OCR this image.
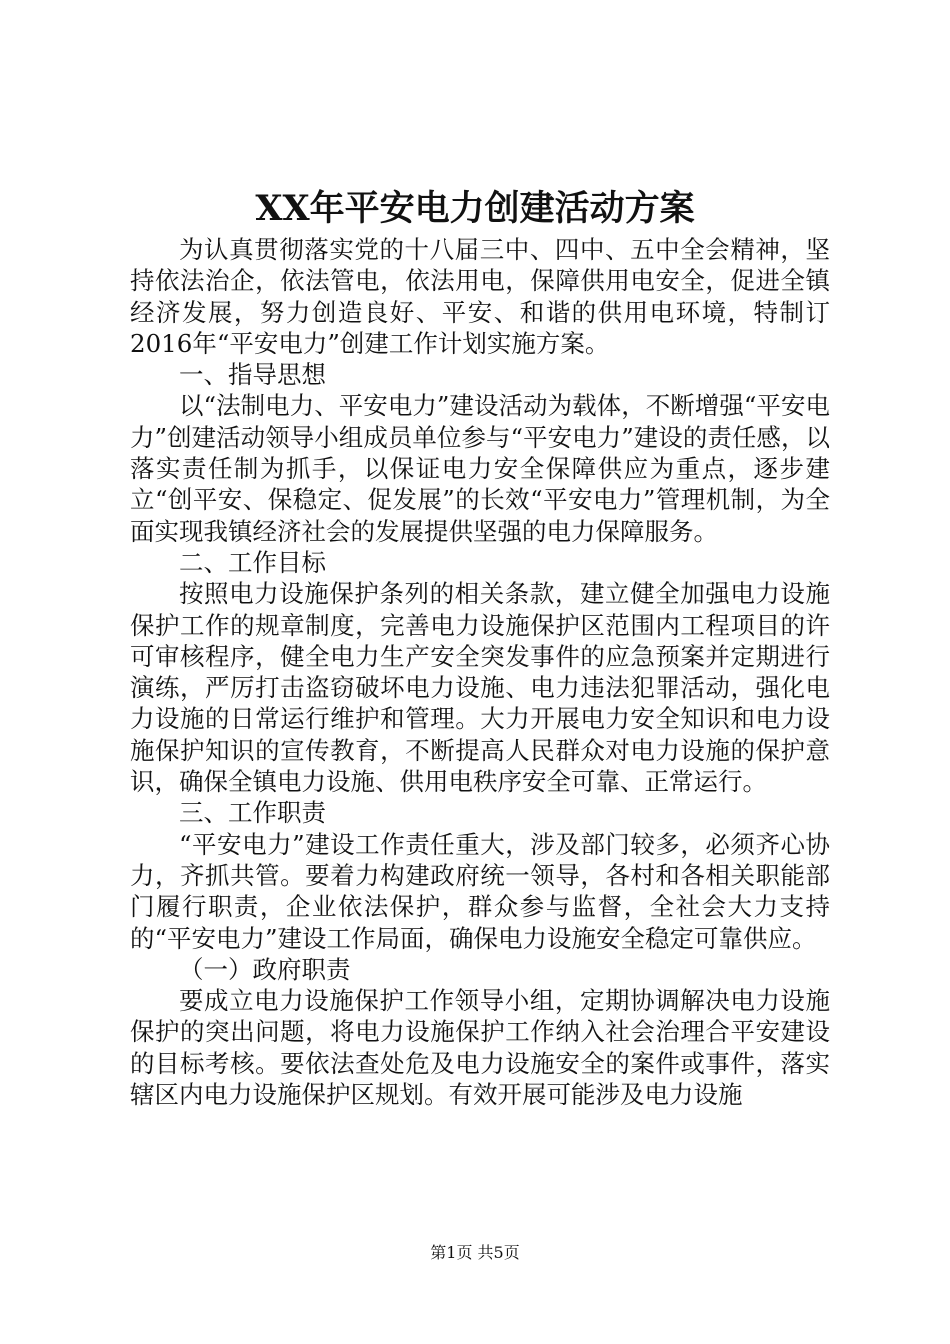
XX年平安电力创建活动方案

为认真贯彻落实党的十八届三中、四中、五中全会精神，坚持依法治企，依法管电，依法用电，保障供用电安全，促进全镇经济发展，努力创造良好、平安、和谐的供用电环境，特制订2016年“平安电力”创建工作计划实施方案。

一、指导思想

以“法制电力、平安电力”建设活动为载体，不断增强“平安电力”创建活动领导小组成员单位参与“平安电力”建设的责任感，以落实责任制为抓手，以保证电力安全保障供应为重点，逐步建立“创平安、保稳定、促发展”的长效“平安电力”管理机制，为全面实现我镇经济社会的发展提供坚强的电力保障服务。

二、工作目标

按照电力设施保护条列的相关条款，建立健全加强电力设施保护工作的规章制度，完善电力设施保护区范围内工程项目的许可审核程序，健全电力生产安全突发事件的应急预案并定期进行演练，严厉打击盗窃破坏电力设施、电力违法犯罪活动，强化电力设施的日常运行维护和管理。大力开展电力安全知识和电力设施保护知识的宣传教育，不断提高人民群众对电力设施的保护意识，确保全镇电力设施、供用电秩序安全可靠、正常运行。

三、工作职责

“平安电力”建设工作责任重大，涉及部门较多，必须齐心协力，齐抓共管。要着力构建政府统一领导，各村和各相关职能部门履行职责，企业依法保护，群众参与监督，全社会大力支持的“平安电力”建设工作局面，确保电力设施安全稳定可靠供应。

（一）政府职责

要成立电力设施保护工作领导小组，定期协调解决电力设施保护的突出问题，将电力设施保护工作纳入社会治理合平安建设的目标考核。要依法查处危及电力设施安全的案件或事件，落实辖区内电力设施保护区规划。有效开展可能涉及电力设施

第1页 共5页
